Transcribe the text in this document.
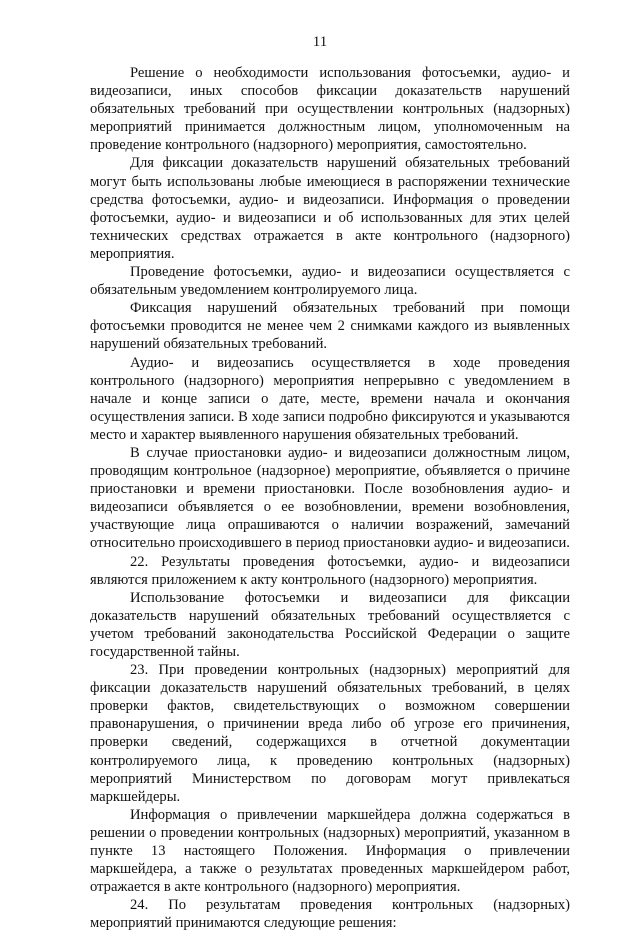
11

Решение о необходимости использования фотосъемки, аудио- и видеозаписи, иных способов фиксации доказательств нарушений обязательных требований при осуществлении контрольных (надзорных) мероприятий принимается должностным лицом, уполномоченным на проведение контрольного (надзорного) мероприятия, самостоятельно.

Для фиксации доказательств нарушений обязательных требований могут быть использованы любые имеющиеся в распоряжении технические средства фотосъемки, аудио- и видеозаписи. Информация о проведении фотосъемки, аудио- и видеозаписи и об использованных для этих целей технических средствах отражается в акте контрольного (надзорного) мероприятия.

Проведение фотосъемки, аудио- и видеозаписи осуществляется с обязательным уведомлением контролируемого лица.

Фиксация нарушений обязательных требований при помощи фотосъемки проводится не менее чем 2 снимками каждого из выявленных нарушений обязательных требований.

Аудио- и видеозапись осуществляется в ходе проведения контрольного (надзорного) мероприятия непрерывно с уведомлением в начале и конце записи о дате, месте, времени начала и окончания осуществления записи. В ходе записи подробно фиксируются и указываются место и характер выявленного нарушения обязательных требований.

В случае приостановки аудио- и видеозаписи должностным лицом, проводящим контрольное (надзорное) мероприятие, объявляется о причине приостановки и времени приостановки. После возобновления аудио- и видеозаписи объявляется о ее возобновлении, времени возобновления, участвующие лица опрашиваются о наличии возражений, замечаний относительно происходившего в период приостановки аудио- и видеозаписи.

22. Результаты проведения фотосъемки, аудио- и видеозаписи являются приложением к акту контрольного (надзорного) мероприятия.

Использование фотосъемки и видеозаписи для фиксации доказательств нарушений обязательных требований осуществляется с учетом требований законодательства Российской Федерации о защите государственной тайны.

23. При проведении контрольных (надзорных) мероприятий для фиксации доказательств нарушений обязательных требований, в целях проверки фактов, свидетельствующих о возможном совершении правонарушения, о причинении вреда либо об угрозе его причинения, проверки сведений, содержащихся в отчетной документации контролируемого лица, к проведению контрольных (надзорных) мероприятий Министерством по договорам могут привлекаться маркшейдеры.

Информация о привлечении маркшейдера должна содержаться в решении о проведении контрольных (надзорных) мероприятий, указанном в пункте 13 настоящего Положения. Информация о привлечении маркшейдера, а также о результатах проведенных маркшейдером работ, отражается в акте контрольного (надзорного) мероприятия.

24. По результатам проведения контрольных (надзорных) мероприятий принимаются следующие решения:
